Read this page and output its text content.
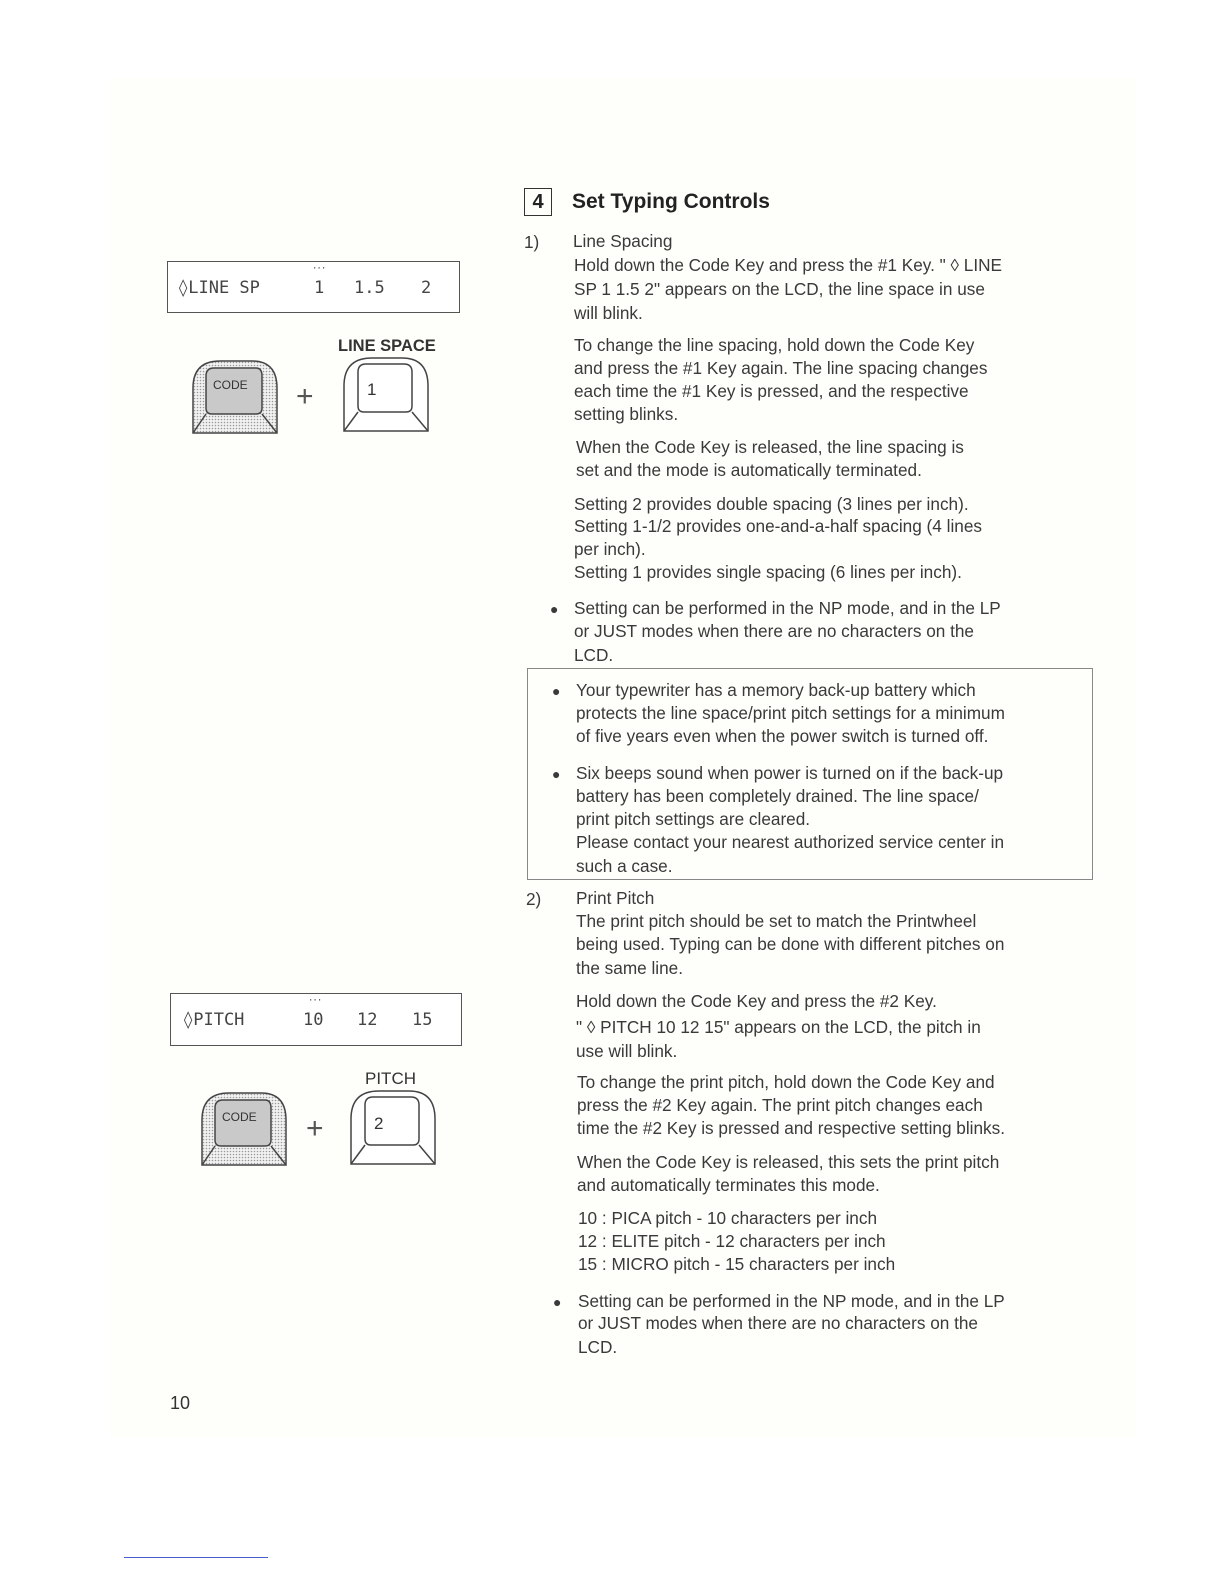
◊LINE SP
···
1 1.5 2
LINE SPACE
CODE +	1
◊PITCH
···
10 12 15
PITCH
CODE +	2
4	Set Typing Controls
1) Line Spacing
Hold down the Code Key and press the #1 Key. " ◊ LINE
SP 1 1.5 2" appears on the LCD, the line space in use
will blink.
To change the line spacing, hold down the Code Key
and press the #1 Key again. The line spacing changes
each time the #1 Key is pressed, and the respective
setting blinks.
When the Code Key is released, the line spacing is
set and the mode is automatically terminated.
Setting 2 provides double spacing (3 lines per inch).
Setting 1-1/2 provides one-and-a-half spacing (4 lines
per inch).
Setting 1 provides single spacing (6 lines per inch).
● Setting can be performed in the NP mode, and in the LP
or JUST modes when there are no characters on the
LCD.
● Your typewriter has a memory back-up battery which
protects the line space/print pitch settings for a minimum
of five years even when the power switch is turned off.
● Six beeps sound when power is turned on if the back-up
battery has been completely drained. The line space/
print pitch settings are cleared.
Please contact your nearest authorized service center in
such a case.
2) Print Pitch
The print pitch should be set to match the Printwheel
being used. Typing can be done with different pitches on
the same line.
Hold down the Code Key and press the #2 Key.
" ◊ PITCH 10 12 15" appears on the LCD, the pitch in
use will blink.
To change the print pitch, hold down the Code Key and
press the #2 Key again. The print pitch changes each
time the #2 Key is pressed and respective setting blinks.
When the Code Key is released, this sets the print pitch
and automatically terminates this mode.
10 : PICA pitch - 10 characters per inch
12 : ELITE pitch - 12 characters per inch
15 : MICRO pitch - 15 characters per inch
● Setting can be performed in the NP mode, and in the LP
or JUST modes when there are no characters on the
LCD.
10
